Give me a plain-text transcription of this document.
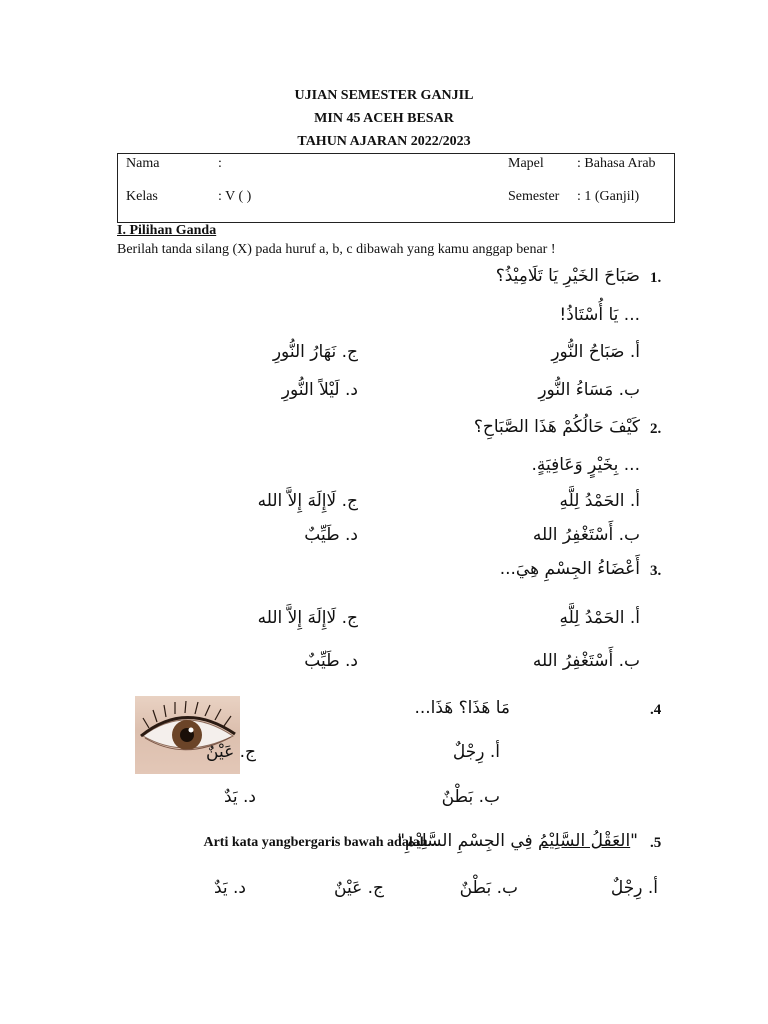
UJIAN SEMESTER GANJIL
MIN 45 ACEH BESAR
TAHUN AJARAN 2022/2023
Nama	:
Kelas	: V ( )
Mapel : Bahasa Arab
Semester : 1 (Ganjil)
I. Pilihan Ganda
Berilah tanda silang (X) pada huruf a, b, c dibawah yang kamu anggap benar !
1.
صَبَاحَ الخَيْرِ يَا تَلَامِيْذُ؟
... يَا أُسْتَاذُ!
أ. صَبَاحُ النُّورِ
ب. مَسَاءُ النُّورِ
ج. نَهَارُ النُّورِ
د. لَيْلاً النُّورِ
2.
كَيْفَ حَالُكُمْ هَذَا الصَّبَاحِ؟
... بِخَيْرٍ وَعَافِيَةٍ.
أ. الحَمْدُ لِلَّهِ
ب. أَسْتَغْفِرُ الله
ج. لَاإِلَهَ إِلاَّ الله
د. طَيِّبٌ
3.
أَعْضَاءُ الجِسْمِ هِيَ...
أ. الحَمْدُ لِلَّهِ
ب. أَسْتَغْفِرُ الله
ج. لَاإِلَهَ إِلاَّ الله
د. طَيِّبٌ
.4
مَا هَذَا؟ هَذَا...
أ. رِجْلٌ
ب. بَطْنٌ
ج. عَيْنٌ
د. يَدٌ
.5
"العَقْلُ السَّلِيْمُ فِي الجِسْمِ السَّلِيْمِ"
Arti kata yangbergaris bawah adalah...
أ. رِجْلٌ
ب. بَطْنٌ
ج. عَيْنٌ
د. يَدٌ
